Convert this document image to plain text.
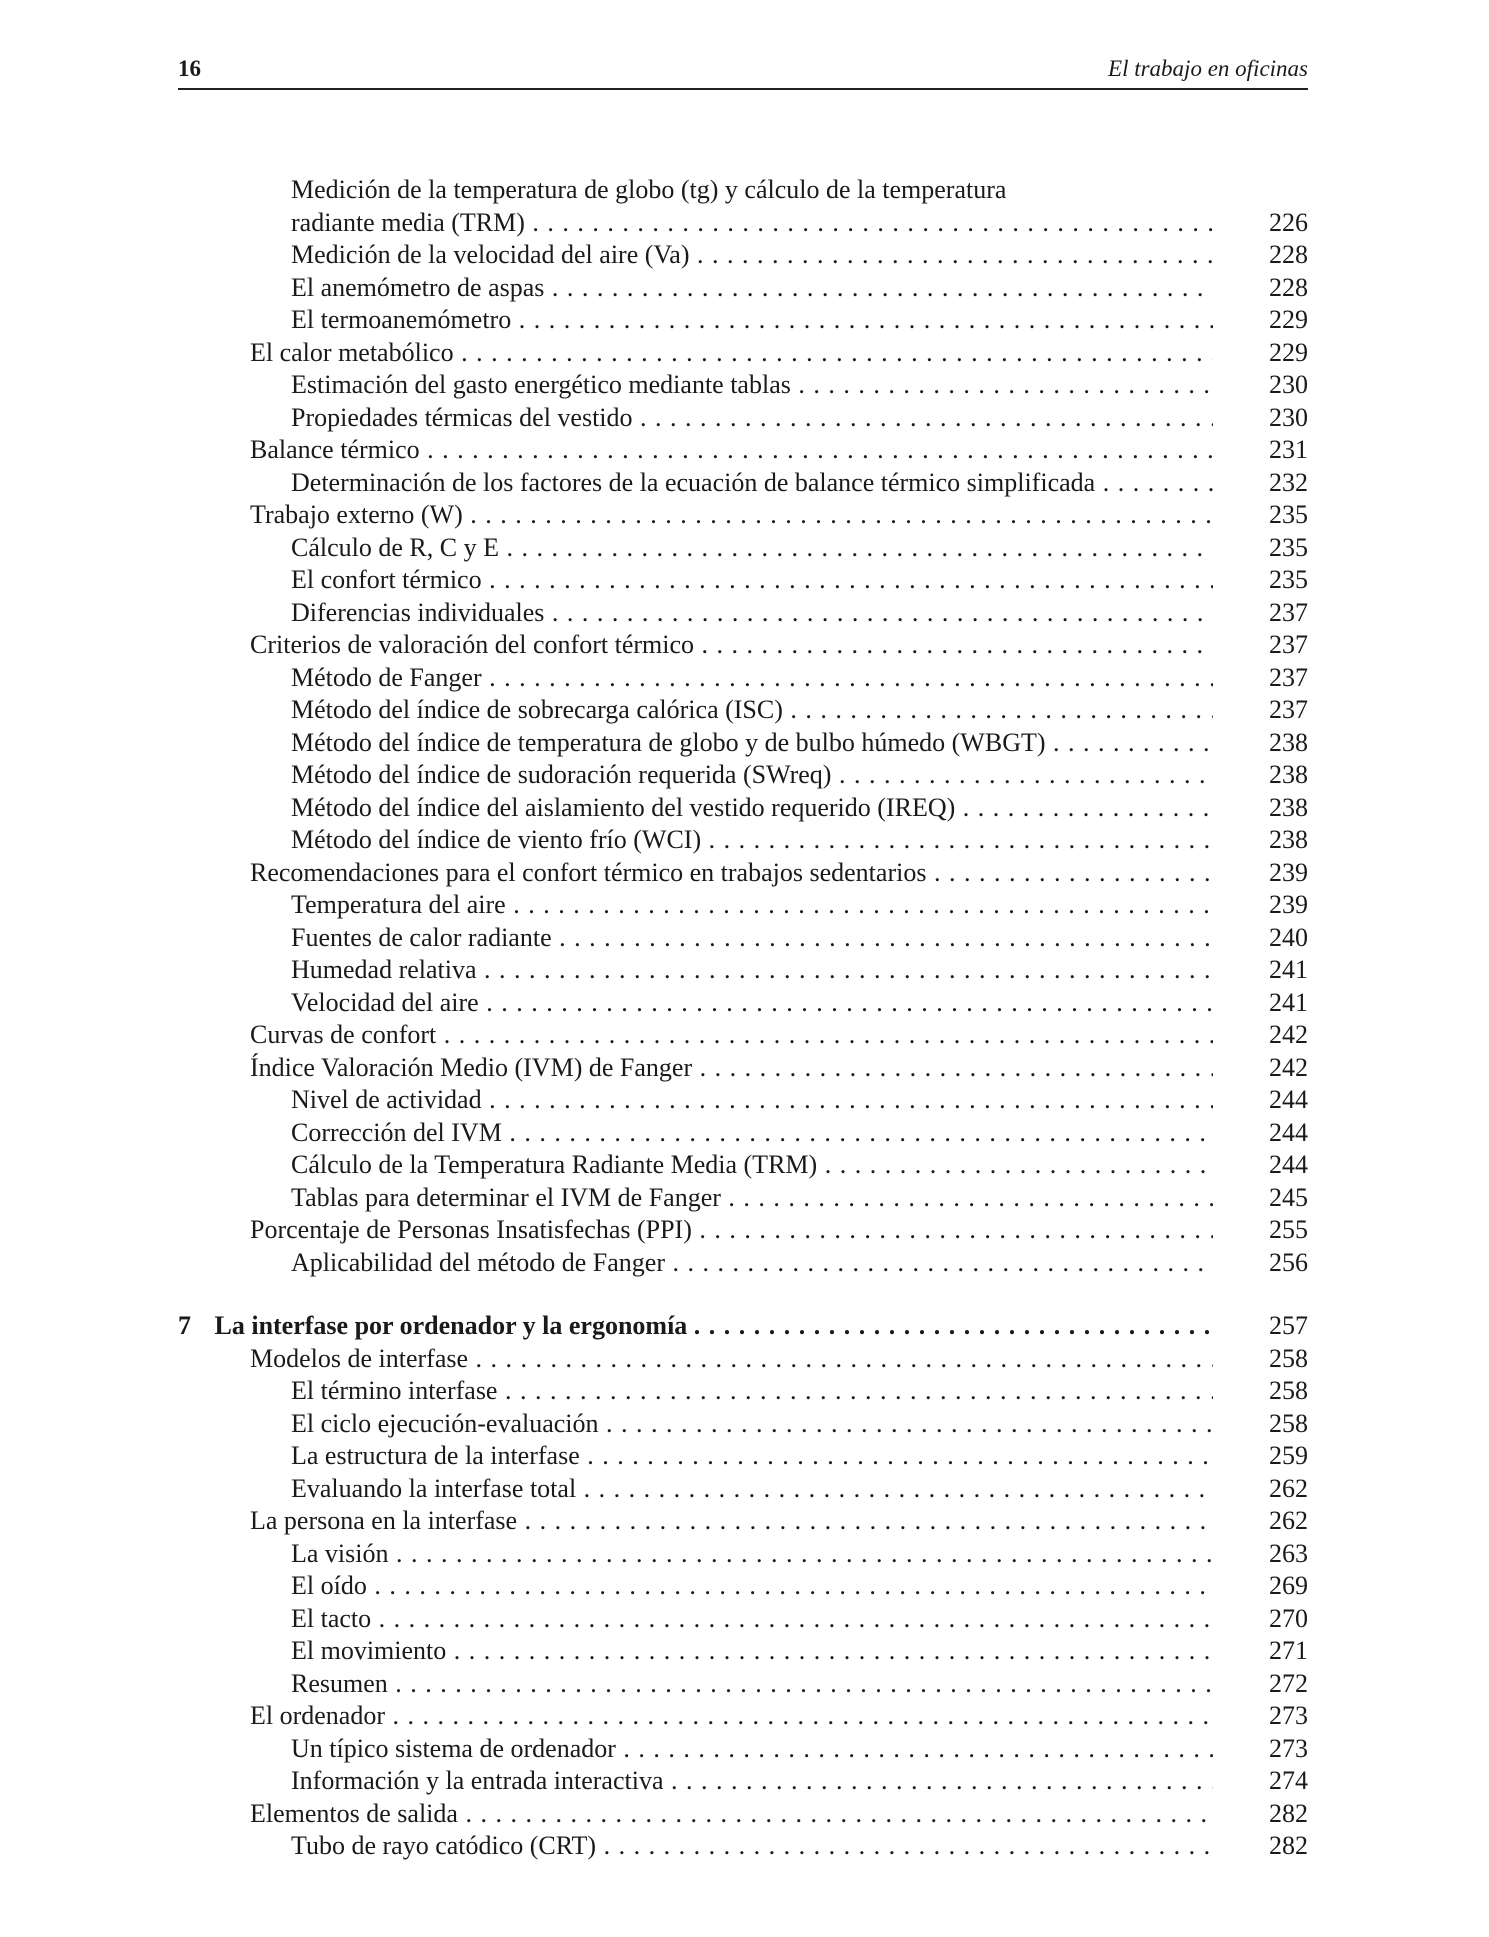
16	El trabajo en oficinas
Medición de la temperatura de globo (tg) y cálculo de la temperatura
radiante media (TRM) . . .	226
Medición de la velocidad del aire (Va) . . .	228
El anemómetro de aspas . . .	228
El termoanemómetro . . .	229
El calor metabólico . . .	229
Estimación del gasto energético mediante tablas . . .	230
Propiedades térmicas del vestido . . .	230
Balance térmico . . .	231
Determinación de los factores de la ecuación de balance térmico simplificada . . .	232
Trabajo externo (W) . . .	235
Cálculo de R, C y E . . .	235
El confort térmico . . .	235
Diferencias individuales . . .	237
Criterios de valoración del confort térmico . . .	237
Método de Fanger . . .	237
Método del índice de sobrecarga calórica (ISC) . . .	237
Método del índice de temperatura de globo y de bulbo húmedo (WBGT) . . .	238
Método del índice de sudoración requerida (SWreq) . . .	238
Método del índice del aislamiento del vestido requerido (IREQ) . . .	238
Método del índice de viento frío (WCI) . . .	238
Recomendaciones para el confort térmico en trabajos sedentarios . . .	239
Temperatura del aire . . .	239
Fuentes de calor radiante . . .	240
Humedad relativa . . .	241
Velocidad del aire . . .	241
Curvas de confort . . .	242
Índice Valoración Medio (IVM) de Fanger . . .	242
Nivel de actividad . . .	244
Corrección del IVM . . .	244
Cálculo de la Temperatura Radiante Media (TRM) . . .	244
Tablas para determinar el IVM de Fanger . . .	245
Porcentaje de Personas Insatisfechas (PPI) . . .	255
Aplicabilidad del método de Fanger . . .	256
7 La interfase por ordenador y la ergonomía . . .	257
Modelos de interfase . . .	258
El término interfase . . .	258
El ciclo ejecución-evaluación . . .	258
La estructura de la interfase . . .	259
Evaluando la interfase total . . .	262
La persona en la interfase . . .	262
La visión . . .	263
El oído . . .	269
El tacto . . .	270
El movimiento . . .	271
Resumen . . .	272
El ordenador . . .	273
Un típico sistema de ordenador . . .	273
Información y la entrada interactiva . . .	274
Elementos de salida . . .	282
Tubo de rayo catódico (CRT) . . .	282
